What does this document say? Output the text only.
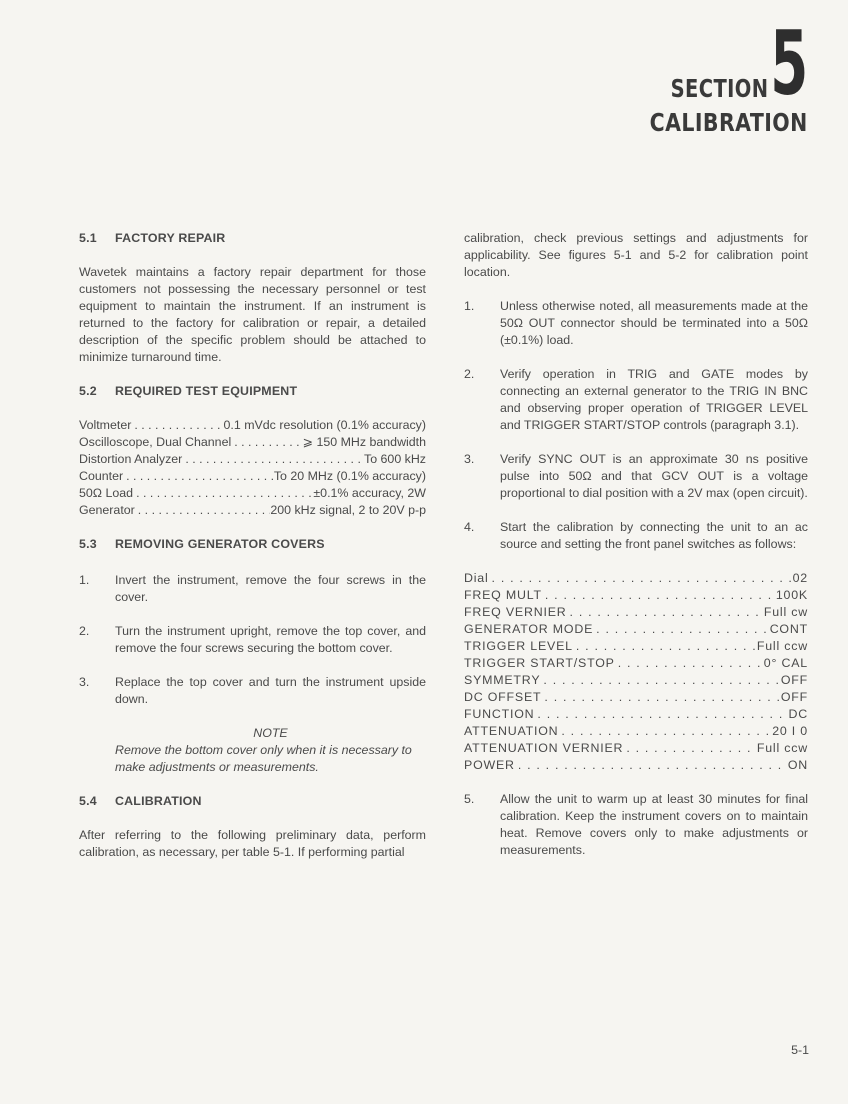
SECTION 5
CALIBRATION
5.1 FACTORY REPAIR

Wavetek maintains a factory repair department for those customers not possessing the necessary personnel or test equipment to maintain the instrument. If an instrument is returned to the factory for calibration or repair, a detailed description of the specific problem should be attached to minimize turnaround time.

5.2 REQUIRED TEST EQUIPMENT
Voltmeter . . .	0.1 mVdc resolution (0.1% accuracy)
Oscilloscope, Dual Channel . . .	⩾ 150 MHz bandwidth
Distortion Analyzer . . .	To 600 kHz
Counter . . .	To 20 MHz (0.1% accuracy)
50Ω Load . . .	±0.1% accuracy, 2W
Generator . . .	200 kHz signal, 2 to 20V p-p
5.3 REMOVING GENERATOR COVERS
1.	Invert the instrument, remove the four screws in the cover.
2.	Turn the instrument upright, remove the top cover, and remove the four screws securing the bottom cover.
3.	Replace the top cover and turn the instrument upside down.
NOTE
Remove the bottom cover only when it is necessary to make adjustments or measurements.
5.4 CALIBRATION

After referring to the following preliminary data, perform calibration, as necessary, per table 5-1. If performing partial

calibration, check previous settings and adjustments for applicability. See figures 5-1 and 5-2 for calibration point location.

1.	Unless otherwise noted, all measurements made at the 50Ω OUT connector should be terminated into a 50Ω (±0.1%) load.
2.	Verify operation in TRIG and GATE modes by connecting an external generator to the TRIG IN BNC and observing proper operation of TRIGGER LEVEL and TRIGGER START/STOP controls (paragraph 3.1).
3.	Verify SYNC OUT is an approximate 30 ns positive pulse into 50Ω and that GCV OUT is a voltage proportional to dial position with a 2V max (open circuit).
4.	Start the calibration by connecting the unit to an ac source and setting the front panel switches as follows:
Dial . . .	.02
FREQ MULT . . .	100K
FREQ VERNIER . . .	Full cw
GENERATOR MODE . . .	CONT
TRIGGER LEVEL . . .	Full ccw
TRIGGER START/STOP . . .	0° CAL
SYMMETRY . . .	OFF
DC OFFSET . . .	OFF
FUNCTION . . .	DC
ATTENUATION . . .	20 I 0
ATTENUATION VERNIER . . .	Full ccw
POWER . . .	ON
5.	Allow the unit to warm up at least 30 minutes for final calibration. Keep the instrument covers on to maintain heat. Remove covers only to make adjustments or measurements.
5-1
